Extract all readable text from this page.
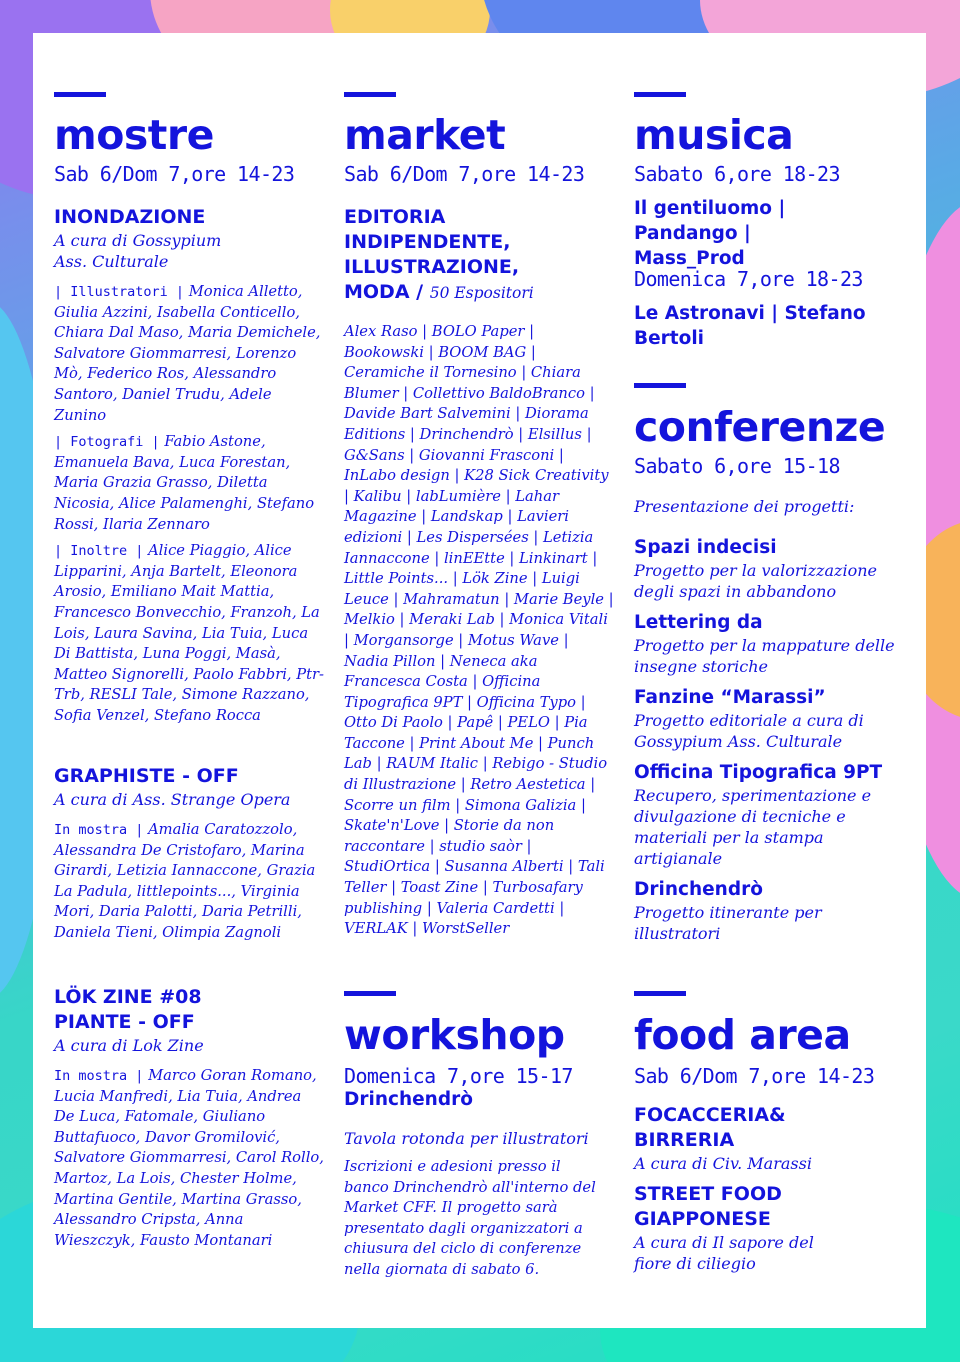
mostre
Sab 6/Dom 7,ore 14-23

INONDAZIONE

A cura di Gossypium Ass. Culturale

| Illustratori | Monica Alletto, Giulia Azzini, Isabella Conticello, Chiara Dal Maso, Maria Demichele, Salvatore Giommarresi, Lorenzo Mò, Federico Ros, Alessandro Santoro, Daniel Trudu, Adele Zunino

| Fotografi | Fabio Astone, Emanuela Bava, Luca Forestan, Maria Grazia Grasso, Diletta Nicosia, Alice Palamenghi, Stefano Rossi, Ilaria Zennaro

| Inoltre | Alice Piaggio, Alice Lipparini, Anja Bartelt, Eleonora Arosio, Emiliano Mait Mattia, Francesco Bonvecchio, Franzoh, La Lois, Laura Savina, Lia Tuia, Luca Di Battista, Luna Poggi, Masà, Matteo Signorelli, Paolo Fabbri, Ptr-Trb, RESLI Tale, Simone Razzano, Sofia Venzel, Stefano Rocca

GRAPHISTE - OFF

A cura di Ass. Strange Opera

In mostra | Amalia Caratozzolo, Alessandra De Cristofaro, Marina Girardi, Letizia Iannaccone, Grazia La Padula, littlepoints..., Virginia Mori, Daria Palotti, Daria Petrilli, Daniela Tieni, Olimpia Zagnoli

LÖK ZINE #08 PIANTE - OFF

A cura di Lok Zine

In mostra | Marco Goran Romano, Lucia Manfredi, Lia Tuia, Andrea De Luca, Fatomale, Giuliano Buttafuoco, Davor Gromilović, Salvatore Giommarresi, Carol Rollo, Martoz, La Lois, Chester Holme, Martina Gentile, Martina Grasso, Alessandro Cripsta, Anna Wieszczyk, Fausto Montanari

market
Sab 6/Dom 7,ore 14-23

EDITORIA INDIPENDENTE, ILLUSTRAZIONE, MODA / 50 Espositori

Alex Raso | BOLO Paper | Bookowski | BOOM BAG | Ceramiche il Tornesino | Chiara Blumer | Collettivo BaldoBranco | Davide Bart Salvemini | Diorama Editions | Drinchendrò | Elsillus | G&Sans | Giovanni Frasconi | InLabo design | K28 Sick Creativity | Kalibu | labLumière | Lahar Magazine | Landskap | Lavieri edizioni | Les Dispersées | Letizia Iannaccone | linEEtte | Linkinart | Little Points... | Lök Zine | Luigi Leuce | Mahramatun | Marie Beyle | Melkio | Meraki Lab | Monica Vitali | Morgansorge | Motus Wave | Nadia Pillon | Neneca aka Francesca Costa | Officina Tipografica 9PT | Officina Typo | Otto Di Paolo | Papê | PELO | Pia Taccone | Print About Me | Punch Lab | RAUM Italic | Rebigo - Studio di Illustrazione | Retro Aestetica | Scorre un film | Simona Galizia | Skate'n'Love | Storie da non raccontare | studio saòr | StudiOrtica | Susanna Alberti | Tali Teller | Toast Zine | Turbosafary publishing | Valeria Cardetti | VERLAK | WorstSeller

workshop
Domenica 7,ore 15-17

Drinchendrò

Tavola rotonda per illustratori

Iscrizioni e adesioni presso il banco Drinchendrò all'interno del Market CFF. Il progetto sarà presentato dagli organizzatori a chiusura del ciclo di conferenze nella giornata di sabato 6.

musica
Sabato 6,ore 18-23

Il gentiluomo | Pandango | Mass_Prod

Domenica 7,ore 18-23

Le Astronavi | Stefano Bertoli

conferenze
Sabato 6,ore 15-18

Presentazione dei progetti:

Spazi indecisi

Progetto per la valorizzazione degli spazi in abbandono

Lettering da

Progetto per la mappature delle insegne storiche

Fanzine “Marassi”

Progetto editoriale a cura di Gossypium Ass. Culturale

Officina Tipografica 9PT

Recupero, sperimentazione e divulgazione di tecniche e materiali per la stampa artigianale

Drinchendrò

Progetto itinerante per illustratori

food area
Sab 6/Dom 7,ore 14-23

FOCACCERIA& BIRRERIA

A cura di Civ. Marassi

STREET FOOD GIAPPONESE

A cura di Il sapore del fiore di ciliegio
